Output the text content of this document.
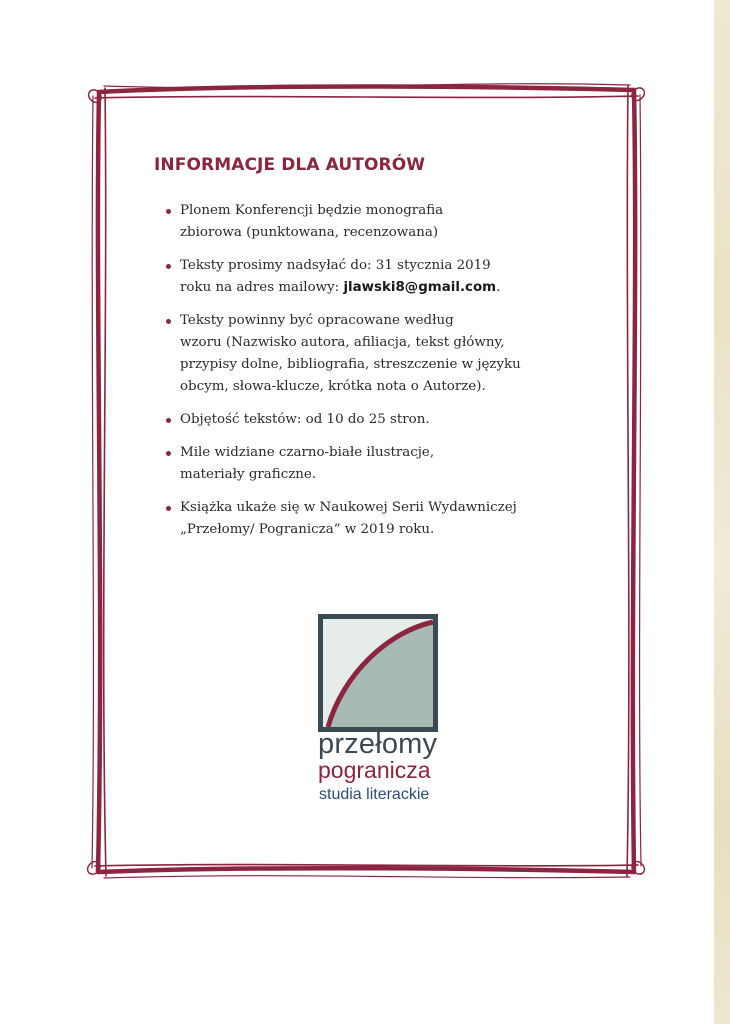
INFORMACJE DLA AUTORÓW
Plonem Konferencji będzie monografia
zbiorowa (punktowana, recenzowana)
Teksty prosimy nadsyłać do: 31 stycznia 2019
roku na adres mailowy: jlawski8@gmail.com.
Teksty powinny być opracowane według
wzoru (Nazwisko autora, afiliacja, tekst główny,
przypisy dolne, bibliografia, streszczenie w języku
obcym, słowa-klucze, krótka nota o Autorze).
Objętość tekstów: od 10 do 25 stron.
Mile widziane czarno-białe ilustracje,
materiały graficzne.
Książka ukaże się w Naukowej Serii Wydawniczej
„Przełomy/ Pogranicza” w 2019 roku.

przełomy

pogranicza

studia literackie
